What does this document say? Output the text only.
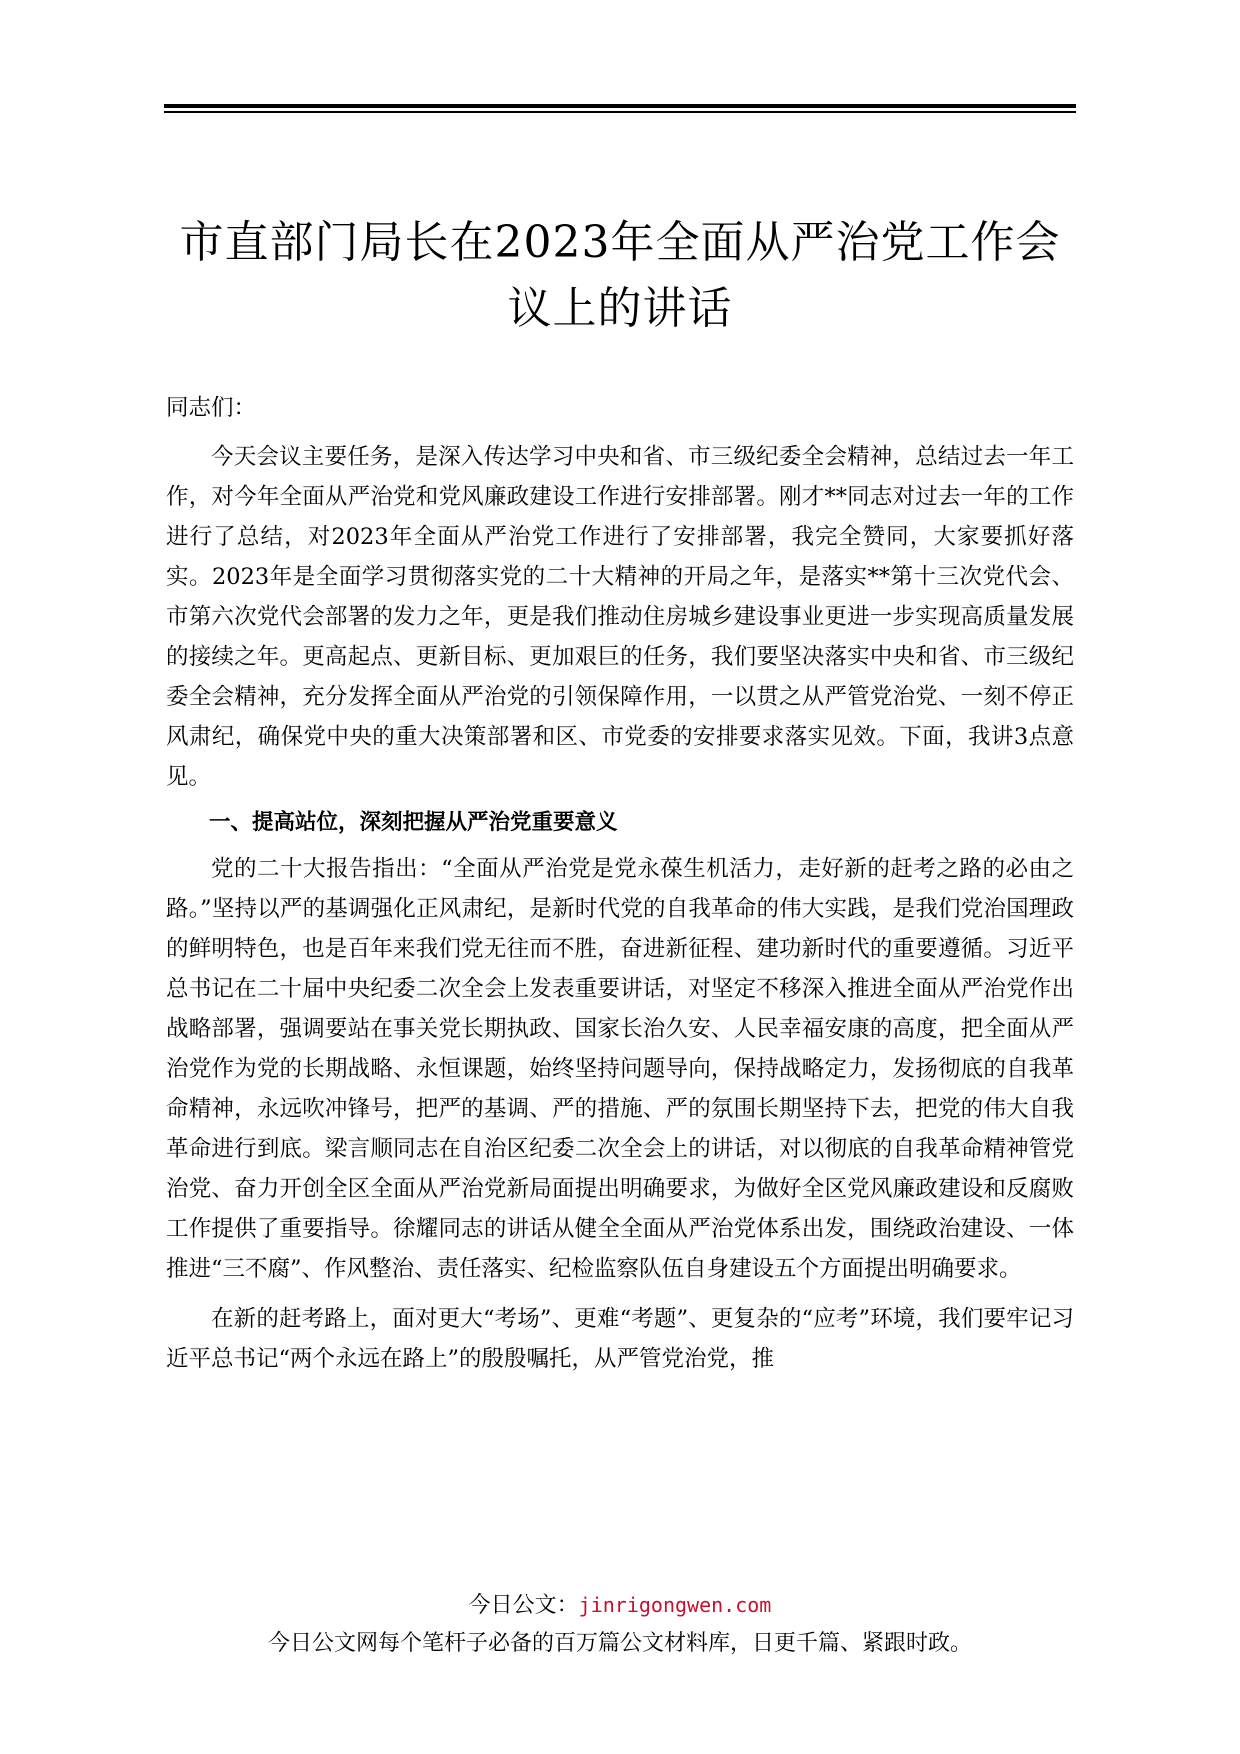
市直部门局长在2023年全面从严治党工作会
议上的讲话

同志们：

今天会议主要任务，是深入传达学习中央和省、市三级纪委全会精神，总结过去一年工作，对今年全面从严治党和党风廉政建设工作进行安排部署。刚才**同志对过去一年的工作进行了总结，对2023年全面从严治党工作进行了安排部署，我完全赞同，大家要抓好落实。2023年是全面学习贯彻落实党的二十大精神的开局之年，是落实**第十三次党代会、市第六次党代会部署的发力之年，更是我们推动住房城乡建设事业更进一步实现高质量发展的接续之年。更高起点、更新目标、更加艰巨的任务，我们要坚决落实中央和省、市三级纪委全会精神，充分发挥全面从严治党的引领保障作用，一以贯之从严管党治党、一刻不停正风肃纪，确保党中央的重大决策部署和区、市党委的安排要求落实见效。下面，我讲3点意见。

一、提高站位，深刻把握从严治党重要意义

党的二十大报告指出：“全面从严治党是党永葆生机活力，走好新的赶考之路的必由之路。”坚持以严的基调强化正风肃纪，是新时代党的自我革命的伟大实践，是我们党治国理政的鲜明特色，也是百年来我们党无往而不胜，奋进新征程、建功新时代的重要遵循。习近平总书记在二十届中央纪委二次全会上发表重要讲话，对坚定不移深入推进全面从严治党作出战略部署，强调要站在事关党长期执政、国家长治久安、人民幸福安康的高度，把全面从严治党作为党的长期战略、永恒课题，始终坚持问题导向，保持战略定力，发扬彻底的自我革命精神，永远吹冲锋号，把严的基调、严的措施、严的氛围长期坚持下去，把党的伟大自我革命进行到底。梁言顺同志在自治区纪委二次全会上的讲话，对以彻底的自我革命精神管党治党、奋力开创全区全面从严治党新局面提出明确要求，为做好全区党风廉政建设和反腐败工作提供了重要指导。徐耀同志的讲话从健全全面从严治党体系出发，围绕政治建设、一体推进“三不腐”、作风整治、责任落实、纪检监察队伍自身建设五个方面提出明确要求。

在新的赶考路上，面对更大“考场”、更难“考题”、更复杂的“应考”环境，我们要牢记习近平总书记“两个永远在路上”的殷殷嘱托，从严管党治党，推

今日公文：jinrigongwen.com
今日公文网每个笔杆子必备的百万篇公文材料库，日更千篇、紧跟时政。
